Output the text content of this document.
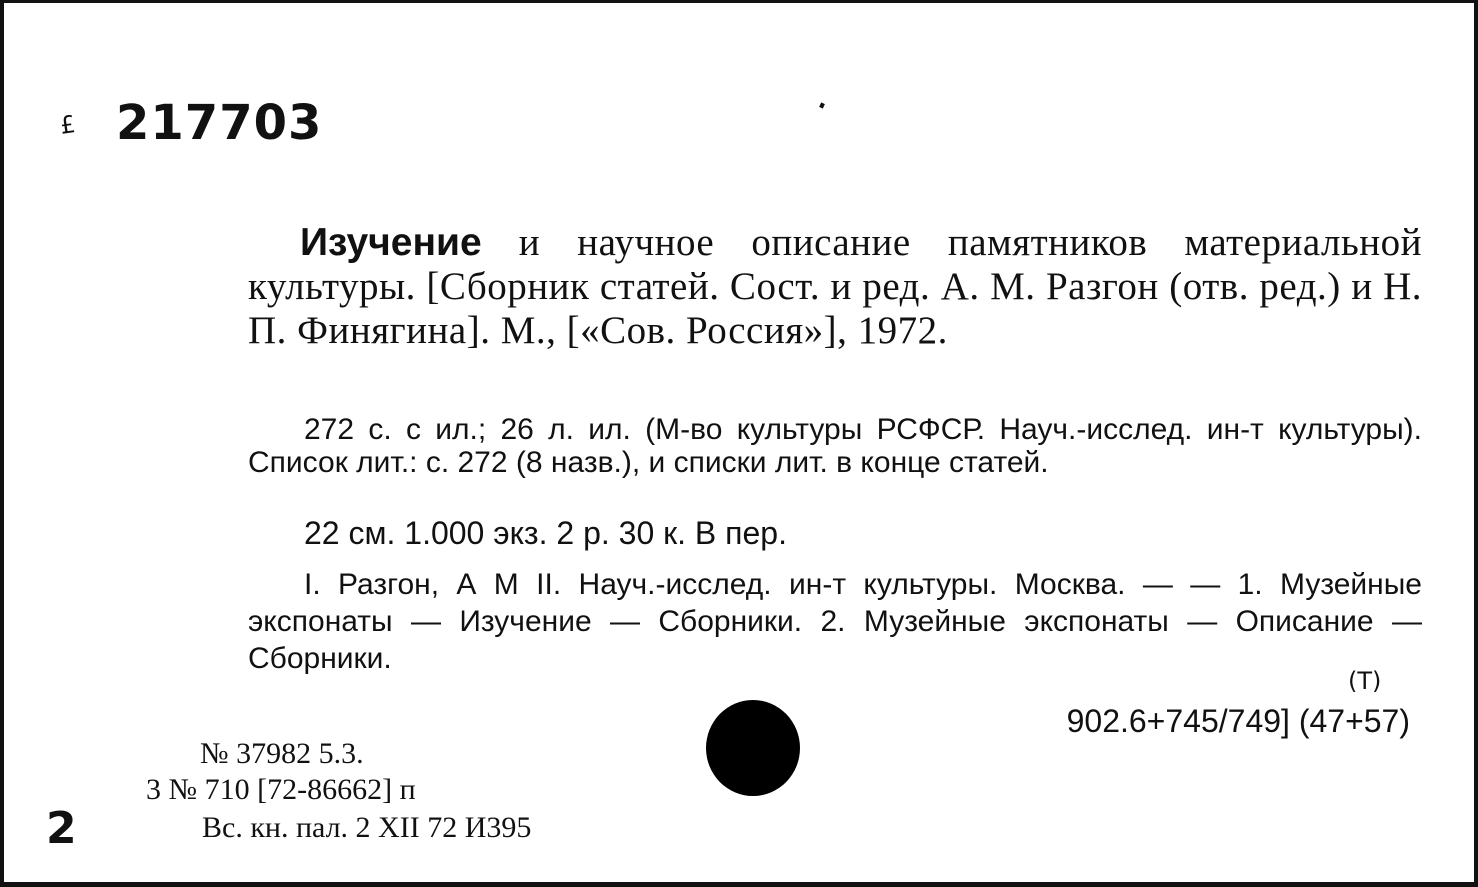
£ 217703

Изучение и научное описание памятников материальной культуры. [Сборник статей. Сост. и ред. А. М. Разгон (отв. ред.) и Н. П. Финягина]. М., [«Сов. Россия»], 1972.

272 с. с ил.; 26 л. ил. (М-во культуры РСФСР. Науч.-исслед. ин-т культуры). Список лит.: с. 272 (8 назв.), и списки лит. в конце статей.

22 см. 1.000 экз. 2 р. 30 к. В пер.

I. Разгон, А М II. Науч.-исслед. ин-т культуры. Москва. — — 1. Музейные экспонаты — Изучение — Сборники. 2. Музейные экспонаты — Описание — Сборники.

(Т)

902.6+745/749] (47+57)

№ 37982 5.3.

3 № 710 [72-86662] п

Вс. кн. пал. 2 XII 72 И395

2
